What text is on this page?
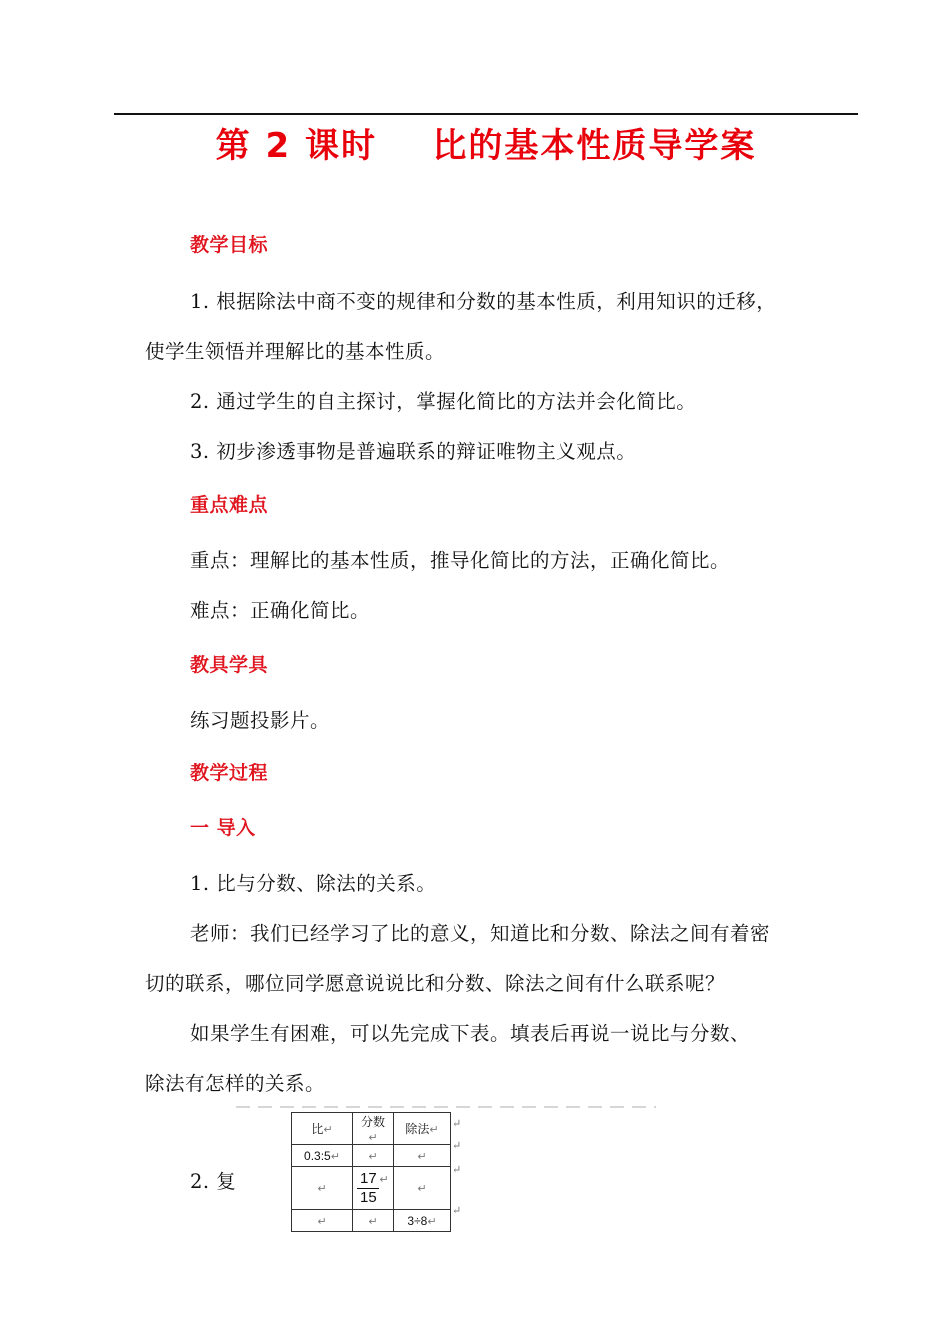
第 2 课时    比的基本性质导学案
教学目标
1. 根据除法中商不变的规律和分数的基本性质，利用知识的迁移，
使学生领悟并理解比的基本性质。
2. 通过学生的自主探讨，掌握化简比的方法并会化简比。
3. 初步渗透事物是普遍联系的辩证唯物主义观点。
重点难点
重点：理解比的基本性质，推导化简比的方法，正确化简比。
难点：正确化简比。
教具学具
练习题投影片。
教学过程
一 导入
1. 比与分数、除法的关系。
老师：我们已经学习了比的意义，知道比和分数、除法之间有着密
切的联系，哪位同学愿意说说比和分数、除法之间有什么联系呢？
如果学生有困难，可以先完成下表。填表后再说一说比与分数、
除法有怎样的关系。
2. 复
比↵	分数↵	除法↵
0.3:5↵	↵	↵
↵	$\frac{17}{15}$ ↵	↵
↵	↵	3÷8↵
↵
↵
↵
↵
